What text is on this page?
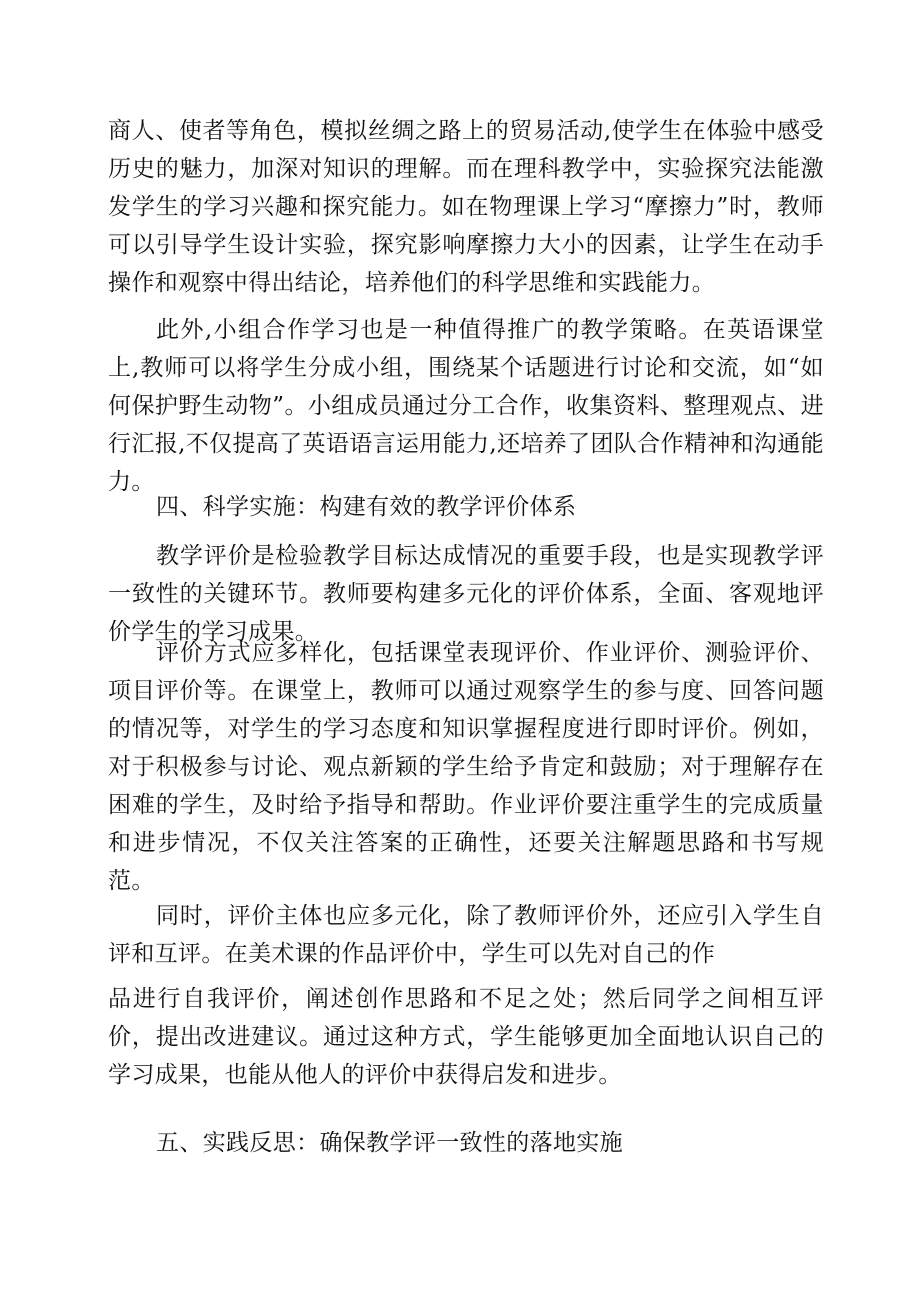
商人、使者等角色，模拟丝绸之路上的贸易活动,使学生在体验中感受历史的魅力，加深对知识的理解。而在理科教学中，实验探究法能激发学生的学习兴趣和探究能力。如在物理课上学习“摩擦力”时，教师可以引导学生设计实验，探究影响摩擦力大小的因素，让学生在动手操作和观察中得出结论，培养他们的科学思维和实践能力。

此外,小组合作学习也是一种值得推广的教学策略。在英语课堂上,教师可以将学生分成小组，围绕某个话题进行讨论和交流，如“如何保护野生动物”。小组成员通过分工合作，收集资料、整理观点、进行汇报,不仅提高了英语语言运用能力,还培养了团队合作精神和沟通能力。

四、科学实施：构建有效的教学评价体系

教学评价是检验教学目标达成情况的重要手段，也是实现教学评一致性的关键环节。教师要构建多元化的评价体系，全面、客观地评价学生的学习成果。

评价方式应多样化，包括课堂表现评价、作业评价、测验评价、项目评价等。在课堂上，教师可以通过观察学生的参与度、回答问题的情况等，对学生的学习态度和知识掌握程度进行即时评价。例如，对于积极参与讨论、观点新颖的学生给予肯定和鼓励；对于理解存在困难的学生，及时给予指导和帮助。作业评价要注重学生的完成质量和进步情况，不仅关注答案的正确性，还要关注解题思路和书写规范。

同时，评价主体也应多元化，除了教师评价外，还应引入学生自评和互评。在美术课的作品评价中，学生可以先对自己的作

品进行自我评价，阐述创作思路和不足之处；然后同学之间相互评价，提出改进建议。通过这种方式，学生能够更加全面地认识自己的学习成果，也能从他人的评价中获得启发和进步。

五、实践反思：确保教学评一致性的落地实施
